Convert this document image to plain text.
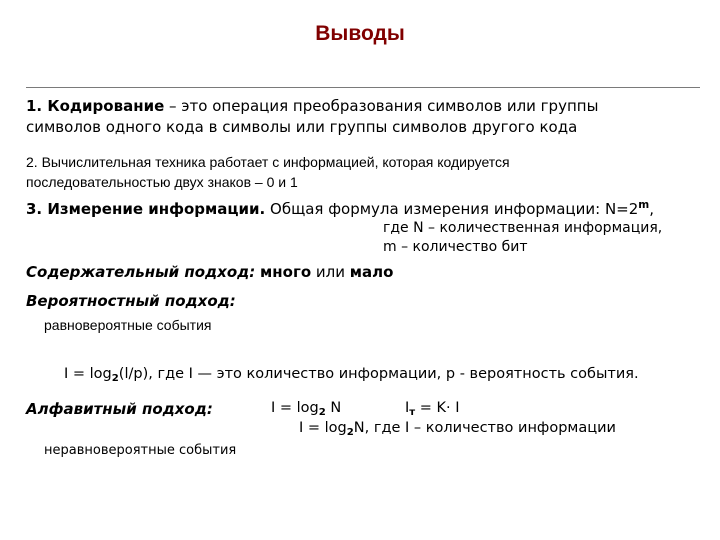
Выводы
1. Кодирование – это операция преобразования символов или группы
символов одного кода в символы или группы символов другого кода
2. Вычислительная техника работает с информацией, которая кодируется
последовательностью двух знаков – 0 и 1
3. Измерение информации. Общая формула измерения информации: $N=2^m$,
где N – количественная информация,
m – количество бит
Содержательный подход: много или мало
Вероятностный подход:
равновероятные события
$I = \log_2(l/p)$, где I — это количество информации, p - вероятность события.
Алфавитный подход:	$I = \log_2 N$	$I_т = K\cdot I$
$I = \log_2N$, где I – количество информации
неравновероятные события
